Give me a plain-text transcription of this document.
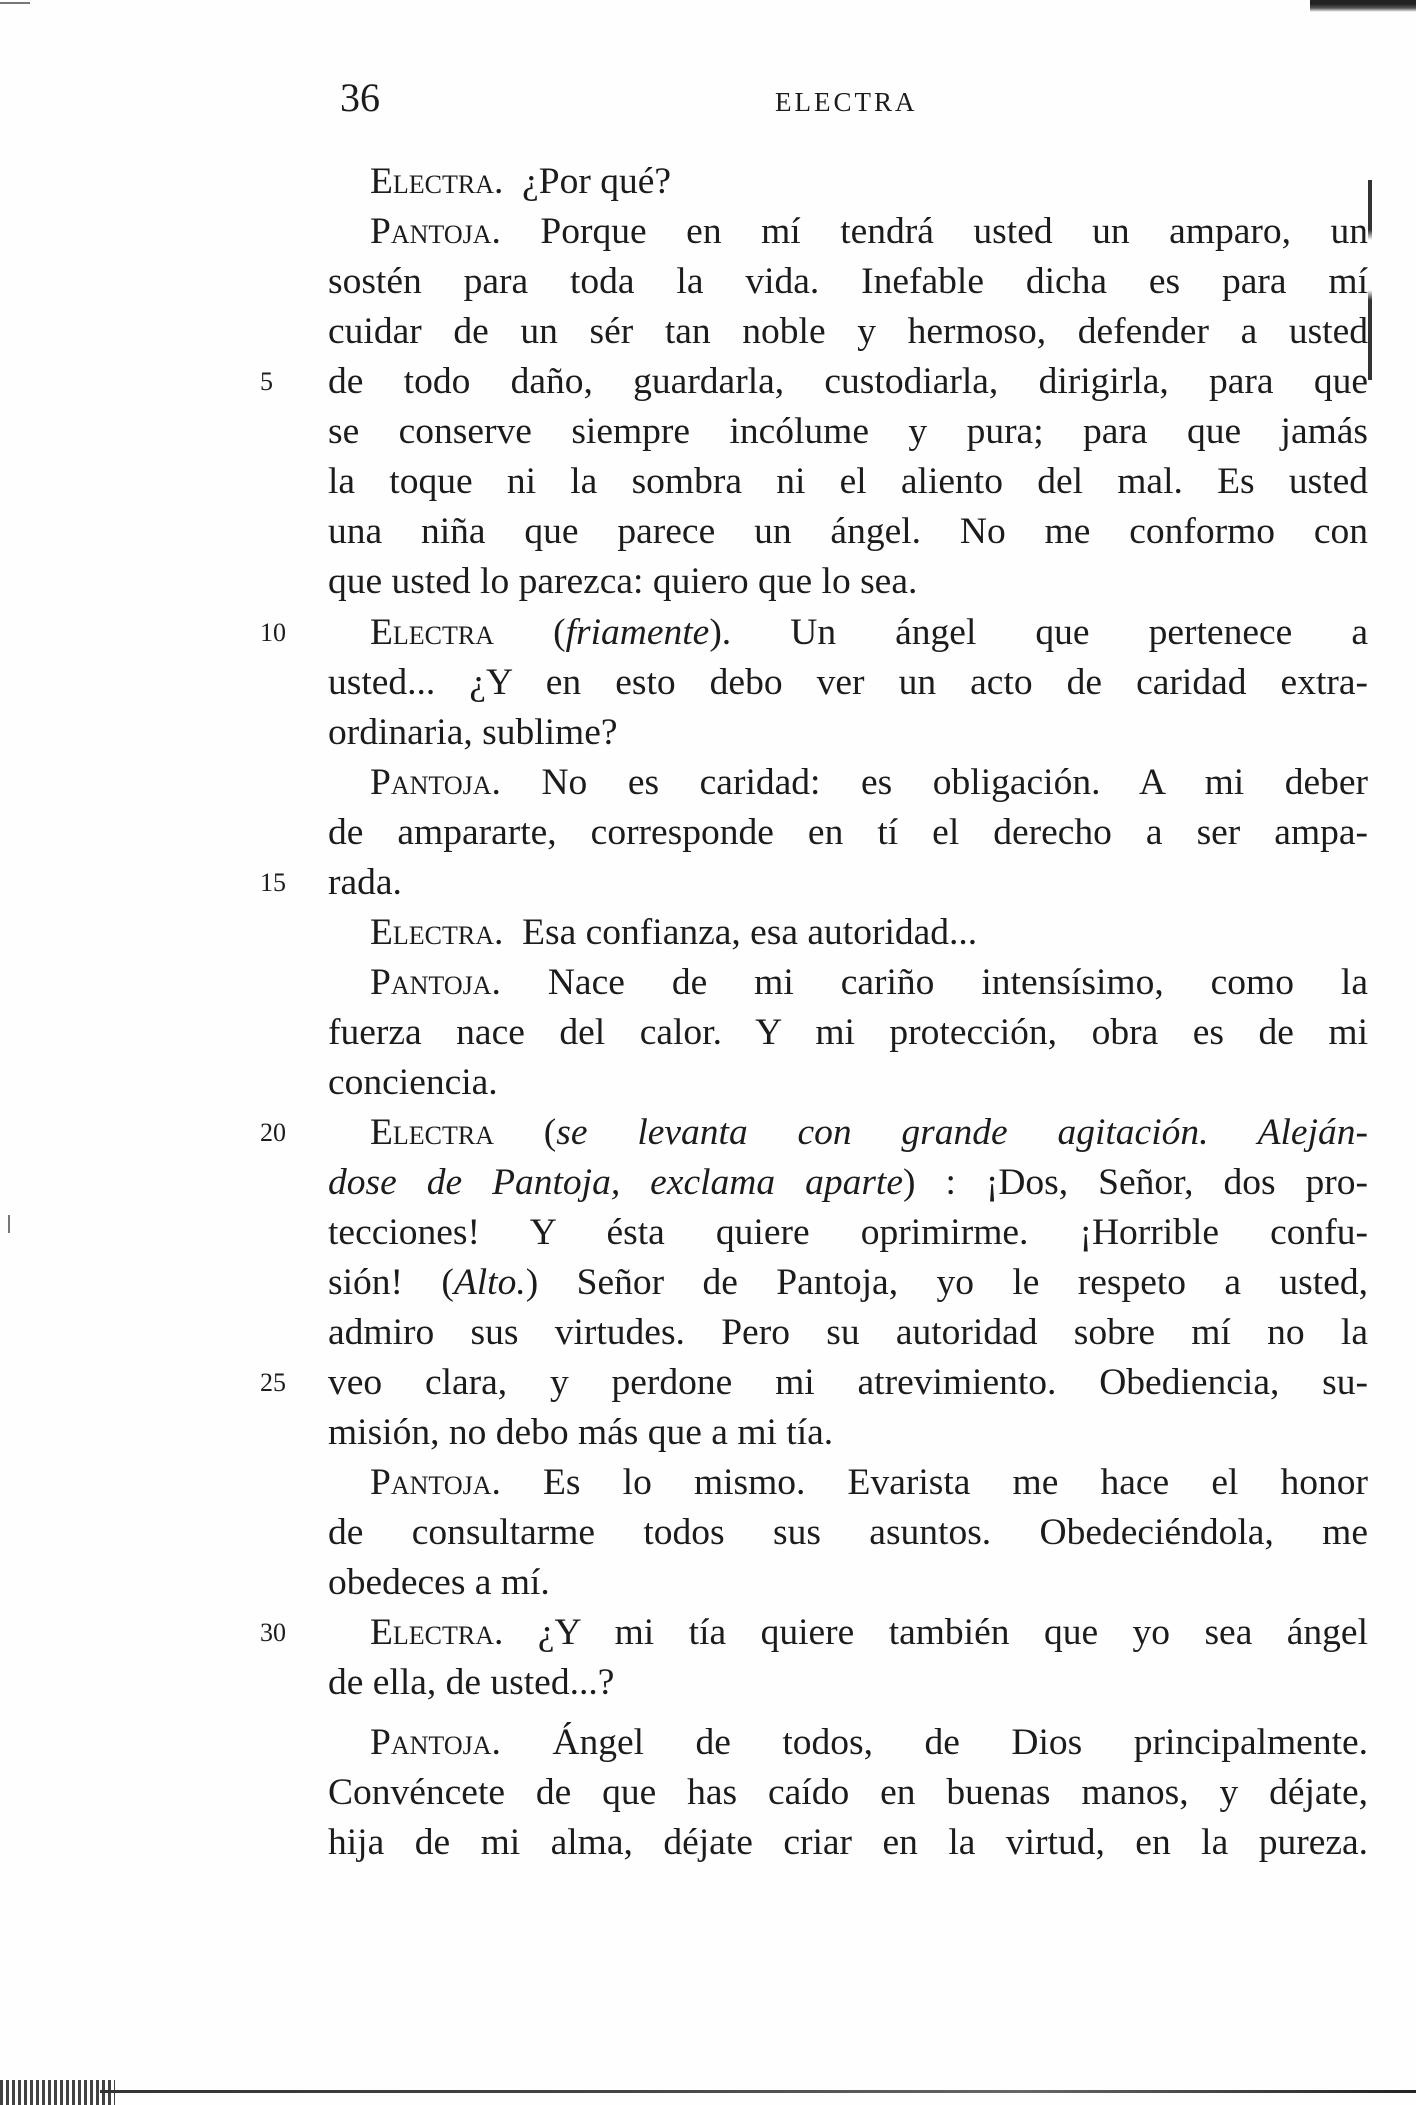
36	ELECTRA
Electra. ¿Por qué?
Pantoja. Porque en mí tendrá usted un amparo, un
sostén para toda la vida. Inefable dicha es para mí
cuidar de un sér tan noble y hermoso, defender a usted
5	de todo daño, guardarla, custodiarla, dirigirla, para que
se conserve siempre incólume y pura; para que jamás
la toque ni la sombra ni el aliento del mal. Es usted
una niña que parece un ángel. No me conformo con
que usted lo parezca: quiero que lo sea.
10	Electra (friamente). Un ángel que pertenece a
usted... ¿Y en esto debo ver un acto de caridad extra-
ordinaria, sublime?
Pantoja. No es caridad: es obligación. A mi deber
de ampararte, corresponde en tí el derecho a ser ampa-
15	rada.
Electra. Esa confianza, esa autoridad...
Pantoja. Nace de mi cariño intensísimo, como la
fuerza nace del calor. Y mi protección, obra es de mi
conciencia.
20	Electra (se levanta con grande agitación. Aleján-
dose de Pantoja, exclama aparte) : ¡Dos, Señor, dos pro-
tecciones! Y ésta quiere oprimirme. ¡Horrible confu-
sión! (Alto.) Señor de Pantoja, yo le respeto a usted,
admiro sus virtudes. Pero su autoridad sobre mí no la
25	veo clara, y perdone mi atrevimiento. Obediencia, su-
misión, no debo más que a mi tía.
Pantoja. Es lo mismo. Evarista me hace el honor
de consultarme todos sus asuntos. Obedeciéndola, me
obedeces a mí.
30	Electra. ¿Y mi tía quiere también que yo sea ángel
de ella, de usted...?
Pantoja. Ángel de todos, de Dios principalmente.
Convéncete de que has caído en buenas manos, y déjate,
hija de mi alma, déjate criar en la virtud, en la pureza.
